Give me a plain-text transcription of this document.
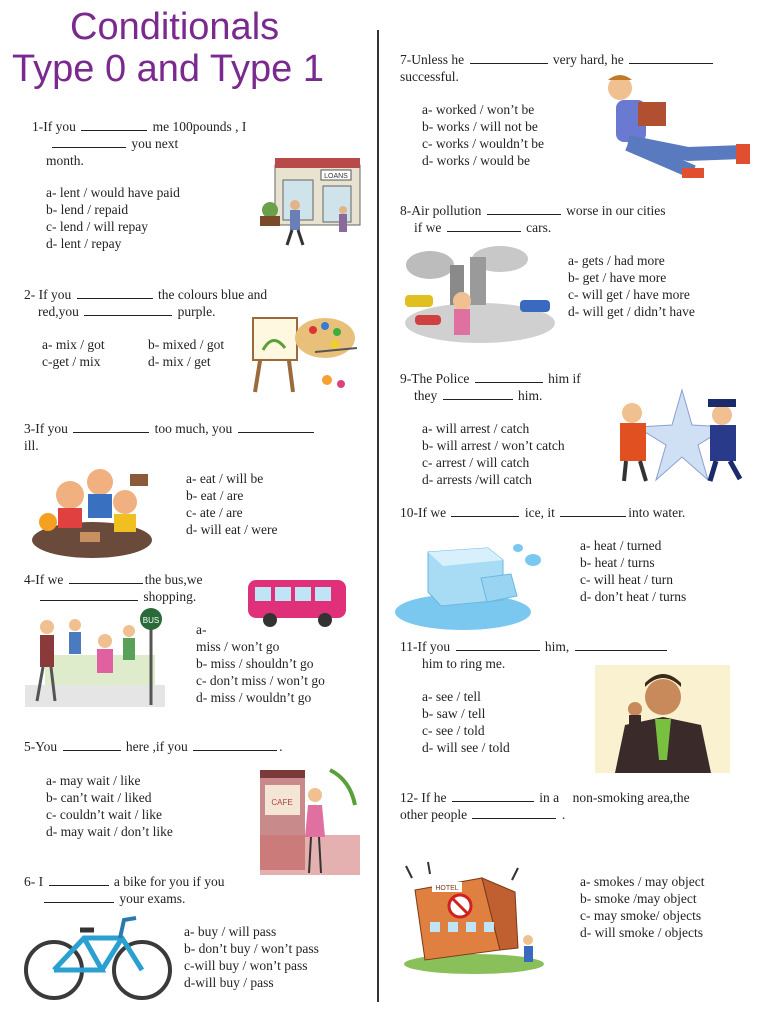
Conditionals
Type 0 and Type 1
1-If you	me 100pounds , I
you next
month.
a- lent / would have paid
b- lend / repaid
c- lend / will repay
d- lent / repay
2- If you	the colours blue and
red,you	purple.
a- mix / got
c-get / mix
b- mixed / got
d- mix / get
3-If you	too much, you
ill.
a- eat / will be
b- eat / are
c- ate / are
d- will eat / were
4-If we	the bus,we
shopping.
a-
miss / won’t go
b- miss / shouldn’t go
c- don’t miss / won’t go
d- miss / wouldn’t go
5-You	here ,if you	.
a- may wait / like
b- can’t wait / liked
c- couldn’t wait / like
d- may wait / don’t like
6- I	a bike for you if you
your exams.
a- buy / will pass
b- don’t buy / won’t pass
c-will buy / won’t pass
d-will buy / pass
7-Unless he	very hard, he
successful.
a- worked / won’t be
b- works / will not be
c- works / wouldn’t be
d- works / would be
8-Air pollution	worse in our cities
if we	cars.
a- gets / had more
b- get / have more
c- will get / have more
d- will get / didn’t have
9-The Police	him if
they	him.
a- will arrest / catch
b- will arrest / won’t catch
c- arrest / will catch
d- arrests /will catch
10-If we	ice, it	into water.
a- heat / turned
b- heat / turns
c- will heat / turn
d- don’t heat / turns
11-If you	him,
him to ring me.
a- see / tell
b- saw / tell
c- see / told
d- will see / told
12- If he	in a non-smoking area,the
other people	.
a- smokes / may object
b- smoke /may object
c- may smoke/ objects
d- will smoke / objects
LOANS
BUS
CAFE
HOTEL
